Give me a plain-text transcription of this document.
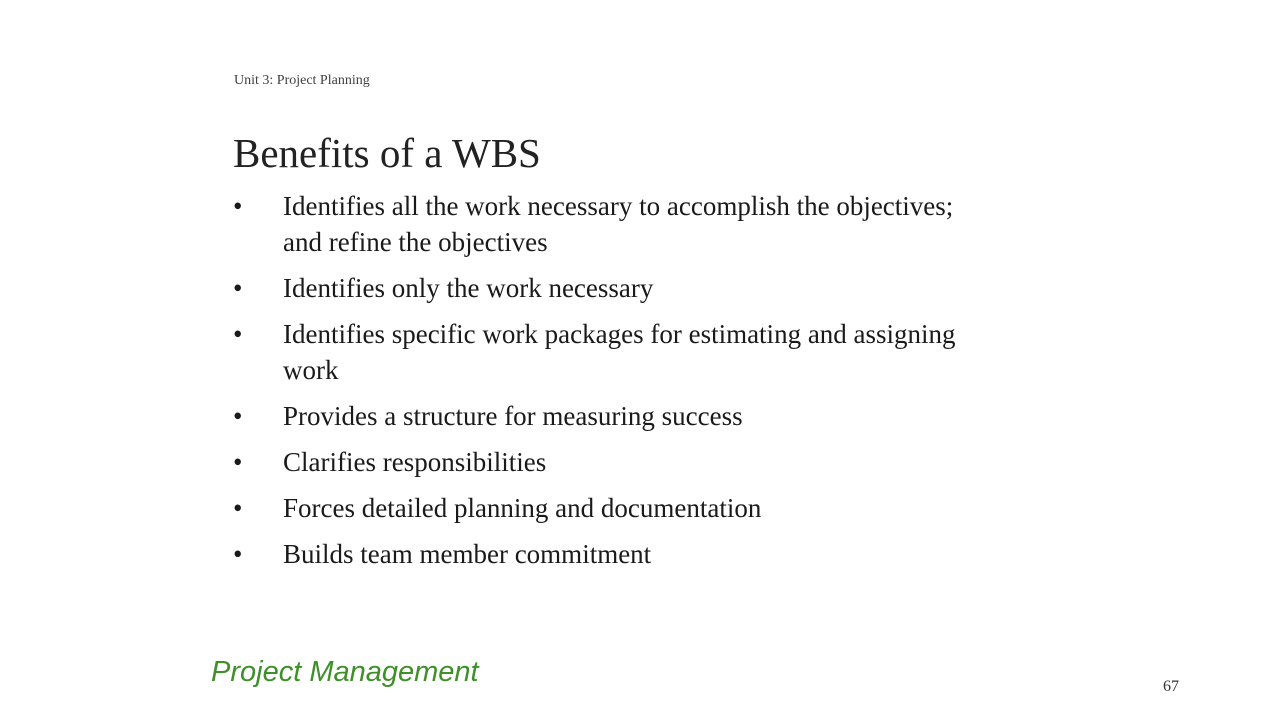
Unit 3: Project Planning
Benefits of a WBS
•	Identifies all the work necessary to accomplish the objectives; and refine the objectives
•	Identifies only the work necessary
•	Identifies specific work packages for estimating and assigning work
•	Provides a structure for measuring success
•	Clarifies responsibilities
•	Forces detailed planning and documentation
•	Builds team member commitment
Project Management	67
